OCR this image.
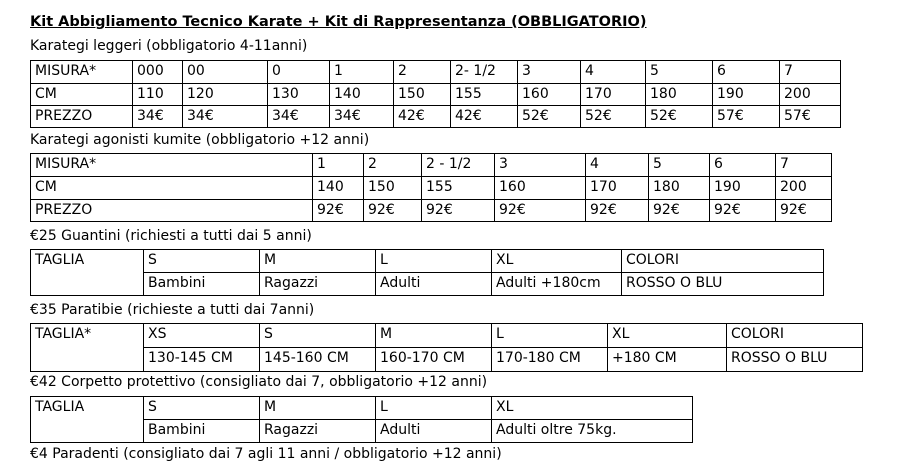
Kit Abbigliamento Tecnico Karate + Kit di Rappresentanza (OBBLIGATORIO)
Karategi leggeri (obbligatorio 4-11anni)
MISURA*	000	00	0	1	2	2- 1/2	3	4	5	6	7
CM	110	120	130	140	150	155	160	170	180	190	200
PREZZO	34€	34€	34€	34€	42€	42€	52€	52€	52€	57€	57€
Karategi agonisti kumite (obbligatorio +12 anni)
MISURA*	1	2	2 - 1/2	3	4	5	6	7
CM	140	150	155	160	170	180	190	200
PREZZO	92€	92€	92€	92€	92€	92€	92€	92€
€25 Guantini (richiesti a tutti dai 5 anni)
TAGLIA	S	M	L	XL	COLORI
	Bambini	Ragazzi	Adulti	Adulti +180cm	ROSSO O BLU
€35 Paratibie (richieste a tutti dai 7anni)
TAGLIA*	XS	S	M	L	XL	COLORI
	130-145 CM	145-160 CM	160-170 CM	170-180 CM	+180 CM	ROSSO O BLU
€42 Corpetto protettivo (consigliato dai 7, obbligatorio +12 anni)
TAGLIA	S	M	L	XL
	Bambini	Ragazzi	Adulti	Adulti oltre 75kg.
€4 Paradenti (consigliato dai 7 agli 11 anni / obbligatorio +12 anni)
